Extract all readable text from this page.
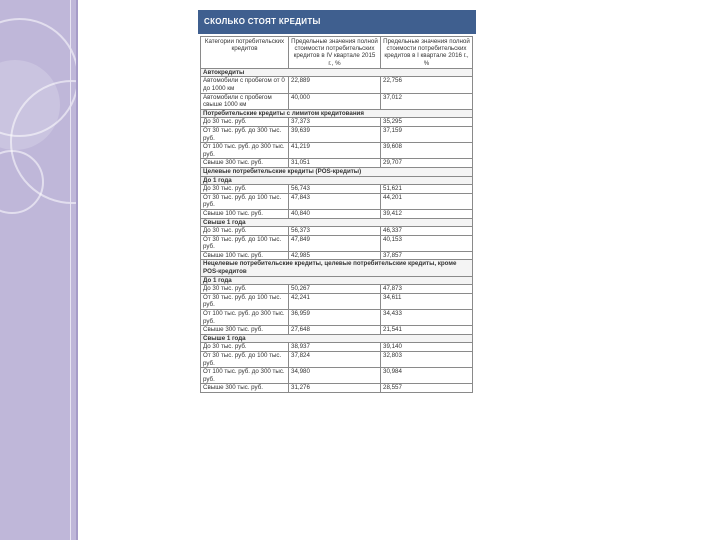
СКОЛЬКО СТОЯТ КРЕДИТЫ
Категории потребительских кредитов	Предельные значения полной стоимости потребительских кредитов в IV квартале 2015 г., %	Предельные значения полной стоимости потребительских кредитов в I квартале 2016 г., %
Автокредиты		
Автомобили с пробегом от 0 до 1000 км	22,889	22,756
Автомобили с пробегом свыше 1000 км	40,000	37,012
Потребительские кредиты с лимитом кредитования		
До 30 тыс. руб.	37,373	35,295
От 30 тыс. руб. до 300 тыс. руб.	39,639	37,159
От 100 тыс. руб. до 300 тыс. руб.	41,219	39,608
Свыше 300 тыс. руб.	31,051	29,707
Целевые потребительские кредиты (POS-кредиты)		
До 1 года		
До 30 тыс. руб.	56,743	51,621
От 30 тыс. руб. до 100 тыс. руб.	47,843	44,201
Свыше 100 тыс. руб.	40,840	39,412
Свыше 1 года		
До 30 тыс. руб.	56,373	46,337
От 30 тыс. руб. до 100 тыс. руб.	47,849	40,153
Свыше 100 тыс. руб.	42,985	37,857
Нецелевые потребительские кредиты, целевые потребительские кредиты, кроме POS-кредитов		
До 1 года		
До 30 тыс. руб.	50,267	47,873
От 30 тыс. руб. до 100 тыс. руб.	42,241	34,611
От 100 тыс. руб. до 300 тыс. руб.	36,959	34,433
Свыше 300 тыс. руб.	27,648	21,541
Свыше 1 года		
До 30 тыс. руб.	38,937	39,140
От 30 тыс. руб. до 100 тыс. руб.	37,824	32,803
От 100 тыс. руб. до 300 тыс. руб.	34,980	30,984
Свыше 300 тыс. руб.	31,276	28,557
